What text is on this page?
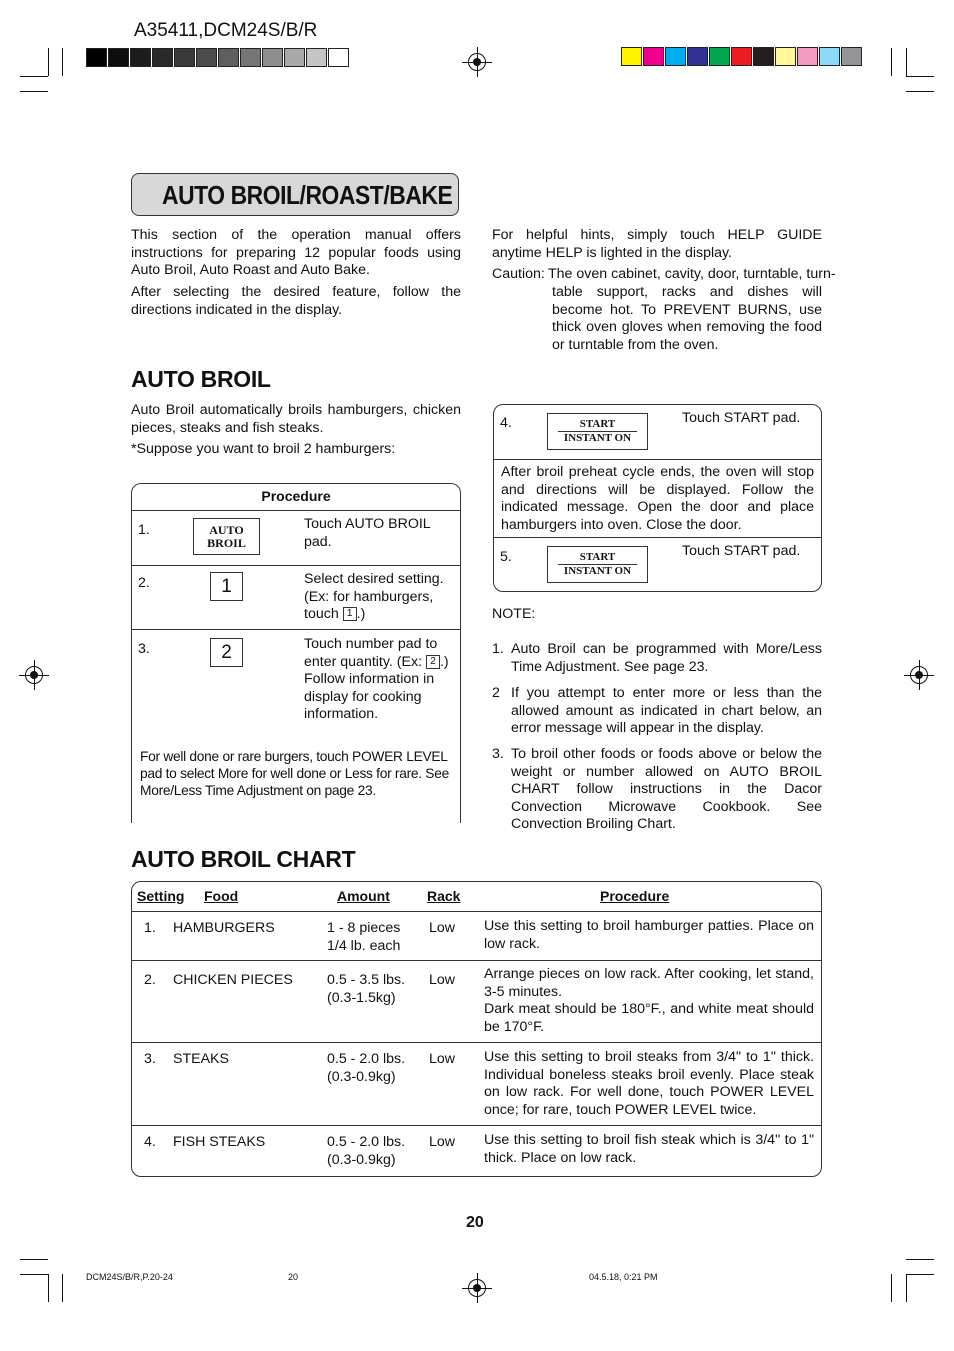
A35411,DCM24S/B/R
AUTO BROIL/ROAST/BAKE
This section of the operation manual offers instructions for preparing 12 popular foods using Auto Broil, Auto Roast and Auto Bake.
After selecting the desired feature, follow the directions indicated in the display.
For helpful hints, simply touch HELP GUIDE anytime HELP is lighted in the display.
Caution: The oven cabinet, cavity, door, turntable, turn-
table support, racks and dishes will become hot. To PREVENT BURNS, use thick oven gloves when removing the food or turntable from the oven.
AUTO BROIL
Auto Broil automatically broils hamburgers, chicken pieces, steaks and fish steaks.
*Suppose you want to broil 2 hamburgers:
Procedure
1.	AUTO
BROIL
Touch AUTO BROIL pad.
2.	1	Select desired setting. (Ex: for hamburgers, touch 1 .)
3.	2	Touch number pad to enter quantity. (Ex: 2 .) Follow information in display for cooking information.
For well done or rare burgers, touch POWER LEVEL pad to select More for well done or Less for rare. See More/Less Time Adjustment on page 23.
4.	START
INSTANT ON
Touch START pad.
After broil preheat cycle ends, the oven will stop and directions will be displayed. Follow the indicated message. Open the door and place hamburgers into oven. Close the door.
5.	START
INSTANT ON
Touch START pad.
NOTE:
1. Auto Broil can be programmed with More/Less Time Adjustment. See page 23.
2 If you attempt to enter more or less than the allowed amount as indicated in chart below, an error message will appear in the display.
3. To broil other foods or foods above or below the weight or number allowed on AUTO BROIL CHART follow instructions in the Dacor Convection Microwave Cookbook. See Convection Broiling Chart.
AUTO BROIL CHART
Setting Food	Amount	Rack	Procedure
1. HAMBURGERS	1 - 8 pieces
1/4 lb. each
Low Use this setting to broil hamburger patties. Place on low rack.
2. CHICKEN PIECES 0.5 - 3.5 lbs.
(0.3-1.5kg)
Low Arrange pieces on low rack. After cooking, let stand, 3-5 minutes.
Dark meat should be 180°F., and white meat should be 170°F.
3. STEAKS	0.5 - 2.0 lbs.
(0.3-0.9kg)
Low Use this setting to broil steaks from 3/4" to 1" thick. Individual boneless steaks broil evenly. Place steak on low rack. For well done, touch POWER LEVEL once; for rare, touch POWER LEVEL twice.
4. FISH STEAKS	0.5 - 2.0 lbs.
(0.3-0.9kg)
Low Use this setting to broil fish steak which is 3/4" to 1" thick. Place on low rack.
20
DCM24S/B/R,P.20-24	20	04.5.18, 0:21 PM
